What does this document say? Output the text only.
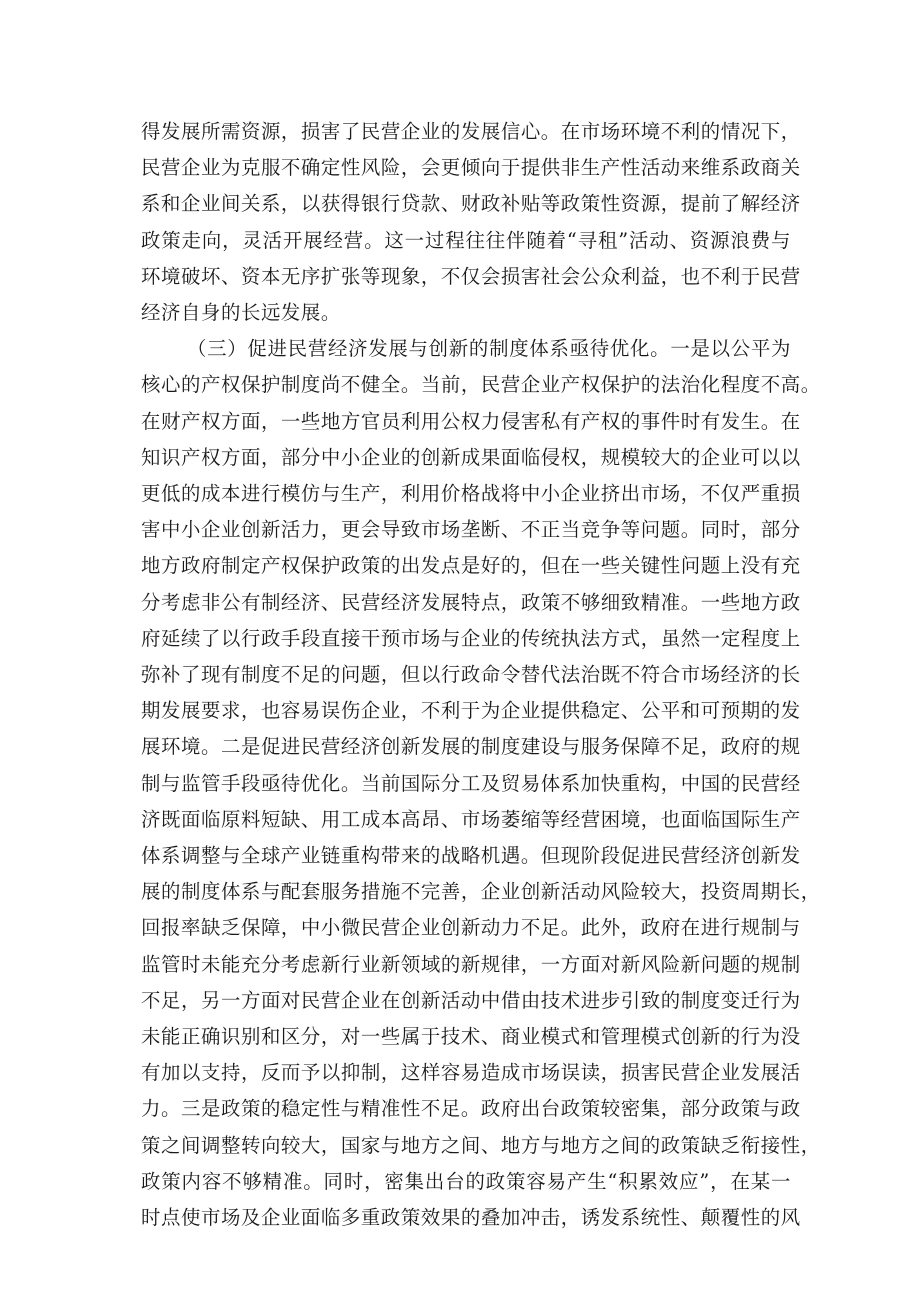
得发展所需资源，损害了民营企业的发展信心。在市场环境不利的情况下，
民营企业为克服不确定性风险，会更倾向于提供非生产性活动来维系政商关
系和企业间关系，以获得银行贷款、财政补贴等政策性资源，提前了解经济
政策走向，灵活开展经营。这一过程往往伴随着“寻租”活动、资源浪费与
环境破坏、资本无序扩张等现象，不仅会损害社会公众利益，也不利于民营
经济自身的长远发展。

（三）促进民营经济发展与创新的制度体系亟待优化。一是以公平为
核心的产权保护制度尚不健全。当前，民营企业产权保护的法治化程度不高。
在财产权方面，一些地方官员利用公权力侵害私有产权的事件时有发生。在
知识产权方面，部分中小企业的创新成果面临侵权，规模较大的企业可以以
更低的成本进行模仿与生产，利用价格战将中小企业挤出市场，不仅严重损
害中小企业创新活力，更会导致市场垄断、不正当竞争等问题。同时，部分
地方政府制定产权保护政策的出发点是好的，但在一些关键性问题上没有充
分考虑非公有制经济、民营经济发展特点，政策不够细致精准。一些地方政
府延续了以行政手段直接干预市场与企业的传统执法方式，虽然一定程度上
弥补了现有制度不足的问题，但以行政命令替代法治既不符合市场经济的长
期发展要求，也容易误伤企业，不利于为企业提供稳定、公平和可预期的发
展环境。二是促进民营经济创新发展的制度建设与服务保障不足，政府的规
制与监管手段亟待优化。当前国际分工及贸易体系加快重构，中国的民营经
济既面临原料短缺、用工成本高昂、市场萎缩等经营困境，也面临国际生产
体系调整与全球产业链重构带来的战略机遇。但现阶段促进民营经济创新发
展的制度体系与配套服务措施不完善，企业创新活动风险较大，投资周期长，
回报率缺乏保障，中小微民营企业创新动力不足。此外，政府在进行规制与
监管时未能充分考虑新行业新领域的新规律，一方面对新风险新问题的规制
不足，另一方面对民营企业在创新活动中借由技术进步引致的制度变迁行为
未能正确识别和区分，对一些属于技术、商业模式和管理模式创新的行为没
有加以支持，反而予以抑制，这样容易造成市场误读，损害民营企业发展活
力。三是政策的稳定性与精准性不足。政府出台政策较密集，部分政策与政
策之间调整转向较大，国家与地方之间、地方与地方之间的政策缺乏衔接性，
政策内容不够精准。同时，密集出台的政策容易产生“积累效应”，在某一
时点使市场及企业面临多重政策效果的叠加冲击，诱发系统性、颠覆性的风
